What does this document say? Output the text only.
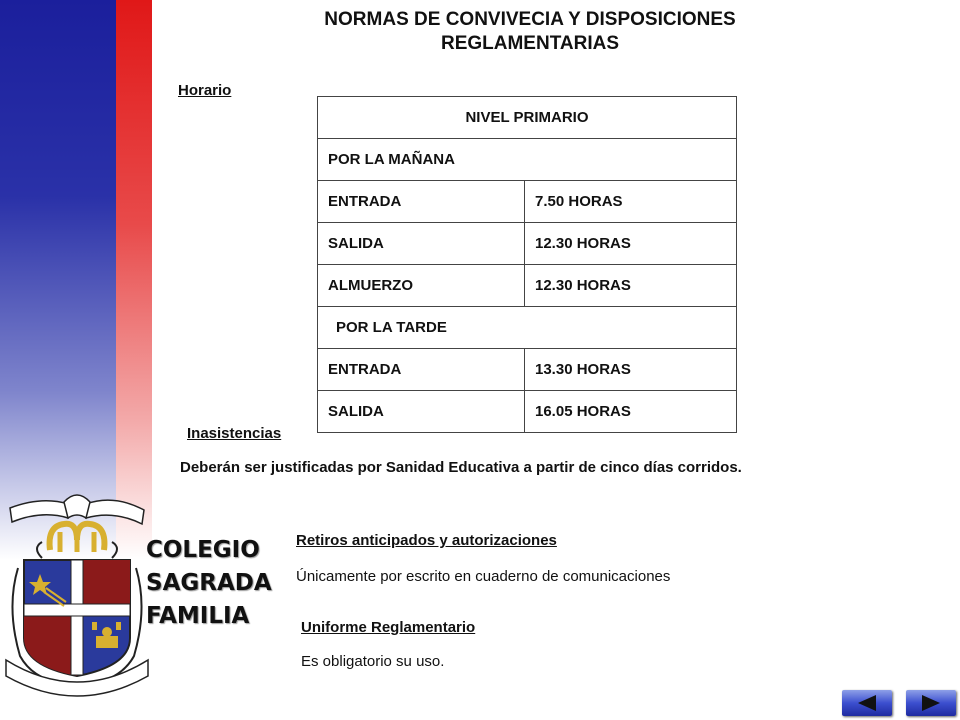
NORMAS DE CONVIVECIA Y DISPOSICIONES
REGLAMENTARIAS
Horario
NIVEL PRIMARIO	
POR LA MAÑANA	
ENTRADA	7.50 HORAS
SALIDA	12.30 HORAS
ALMUERZO	12.30 HORAS
POR LA TARDE	
ENTRADA	13.30 HORAS
SALIDA	16.05 HORAS
Inasistencias
Deberán ser justificadas por Sanidad Educativa a partir de cinco días corridos.
Retiros anticipados y autorizaciones
Únicamente por escrito en cuaderno de comunicaciones
Uniforme Reglamentario
Es obligatorio su uso.
COLEGIO
SAGRADA
FAMILIA
